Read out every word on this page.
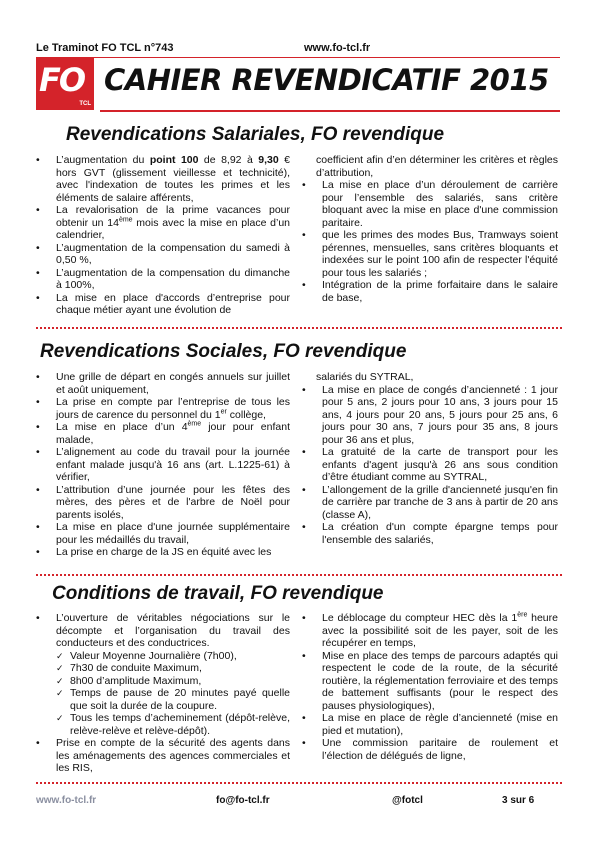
Le Traminot FO TCL n°743	www.fo-tcl.fr
FO
TCL
CAHIER REVENDICATIF 2015
Revendications Salariales, FO revendique
• L’augmentation du point 100 de 8,92 à 9,30 € hors GVT (glissement vieillesse et technicité), avec l'indexation de toutes les primes et les éléments de salaire afférents,
• La revalorisation de la prime vacances pour obtenir un 14ème mois avec la mise en place d’un calendrier,
• L’augmentation de la compensation du samedi à 0,50 %,
• L’augmentation de la compensation du dimanche à 100%,
• La mise en place d'accords d’entreprise pour chaque métier ayant une évolution de

coefficient afin d’en déterminer les critères et règles d’attribution,

• La mise en place d’un déroulement de carrière pour l’ensemble des salariés, sans critère bloquant avec la mise en place d'une commission paritaire.
• que les primes des modes Bus, Tramways soient pérennes, mensuelles, sans critères bloquants et indexées sur le point 100 afin de respecter l'équité pour tous les salariés ;
• Intégration de la prime forfaitaire dans le salaire de base,
Revendications Sociales, FO revendique
• Une grille de départ en congés annuels sur juillet et août uniquement,
• La prise en compte par l’entreprise de tous les jours de carence du personnel du 1er collège,
• La mise en place d’un 4ème jour pour enfant malade,
• L’alignement au code du travail pour la journée enfant malade jusqu'à 16 ans (art. L.1225-61) à vérifier,
• L’attribution d’une journée pour les fêtes des mères, des pères et de l'arbre de Noël pour parents isolés,
• La mise en place d'une journée supplémentaire pour les médaillés du travail,
• La prise en charge de la JS en équité avec les

salariés du SYTRAL,

• La mise en place de congés d’ancienneté : 1 jour pour 5 ans, 2 jours pour 10 ans, 3 jours pour 15 ans, 4 jours pour 20 ans, 5 jours pour 25 ans, 6 jours pour 30 ans, 7 jours pour 35 ans, 8 jours pour 36 ans et plus,
• La gratuité de la carte de transport pour les enfants d'agent jusqu'à 26 ans sous condition d’être étudiant comme au SYTRAL,
• L’allongement de la grille d'ancienneté jusqu'en fin de carrière par tranche de 3 ans à partir de 20 ans (classe A),
• La création d'un compte épargne temps pour l'ensemble des salariés,
Conditions de travail, FO revendique
• L’ouverture de véritables négociations sur le décompte et l’organisation du travail des conducteurs et des conductrices.
✓ Valeur Moyenne Journalière (7h00),
✓ 7h30 de conduite Maximum,
✓ 8h00 d’amplitude Maximum,
✓ Temps de pause de 20 minutes payé quelle que soit la durée de la coupure.
✓ Tous les temps d’acheminement (dépôt-relève, relève-relève et relève-dépôt).
• Prise en compte de la sécurité des agents dans les aménagements des agences commerciales et les RIS,
• Le déblocage du compteur HEC dès la 1ère heure avec la possibilité soit de les payer, soit de les récupérer en temps,
• Mise en place des temps de parcours adaptés qui respectent le code de la route, de la sécurité routière, la réglementation ferroviaire et des temps de battement suffisants (pour le respect des pauses physiologiques),
• La mise en place de règle d’ancienneté (mise en pied et mutation),
• Une commission paritaire de roulement et l’élection de délégués de ligne,
www.fo-tcl.fr	fo@fo-tcl.fr	@fotcl	3 sur 6
